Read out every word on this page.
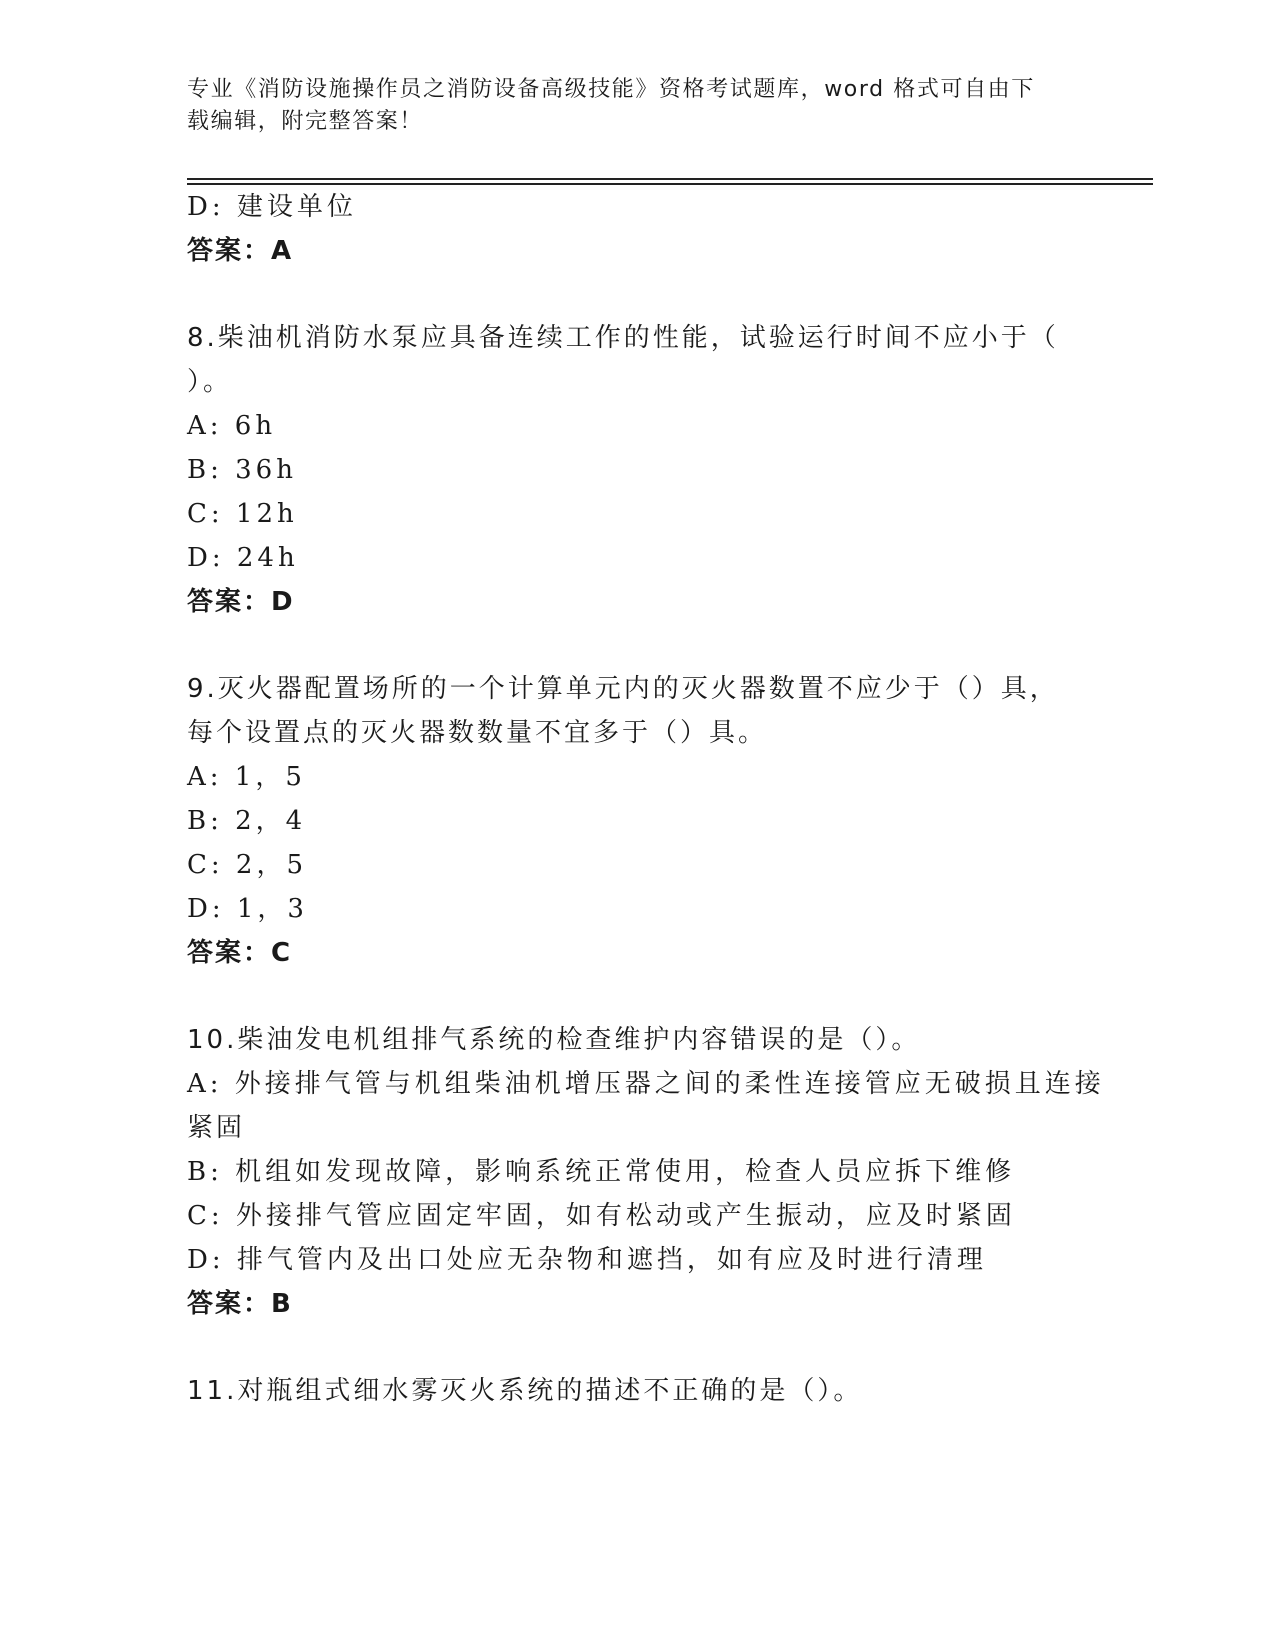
专业《消防设施操作员之消防设备高级技能》资格考试题库，word 格式可自由下
载编辑，附完整答案！
D: 建设单位
答案：A
8.柴油机消防水泵应具备连续工作的性能，试验运行时间不应小于（
）。
A: 6h
B: 36h
C: 12h
D: 24h
答案：D
9.灭火器配置场所的一个计算单元内的灭火器数置不应少于（）具，
每个设置点的灭火器数数量不宜多于（）具。
A: 1，5
B: 2，4
C: 2，5
D: 1，3
答案：C
10.柴油发电机组排气系统的检查维护内容错误的是（）。
A: 外接排气管与机组柴油机增压器之间的柔性连接管应无破损且连接
紧固
B: 机组如发现故障，影响系统正常使用，检查人员应拆下维修
C: 外接排气管应固定牢固，如有松动或产生振动，应及时紧固
D: 排气管内及出口处应无杂物和遮挡，如有应及时进行清理
答案：B
11.对瓶组式细水雾灭火系统的描述不正确的是（）。
